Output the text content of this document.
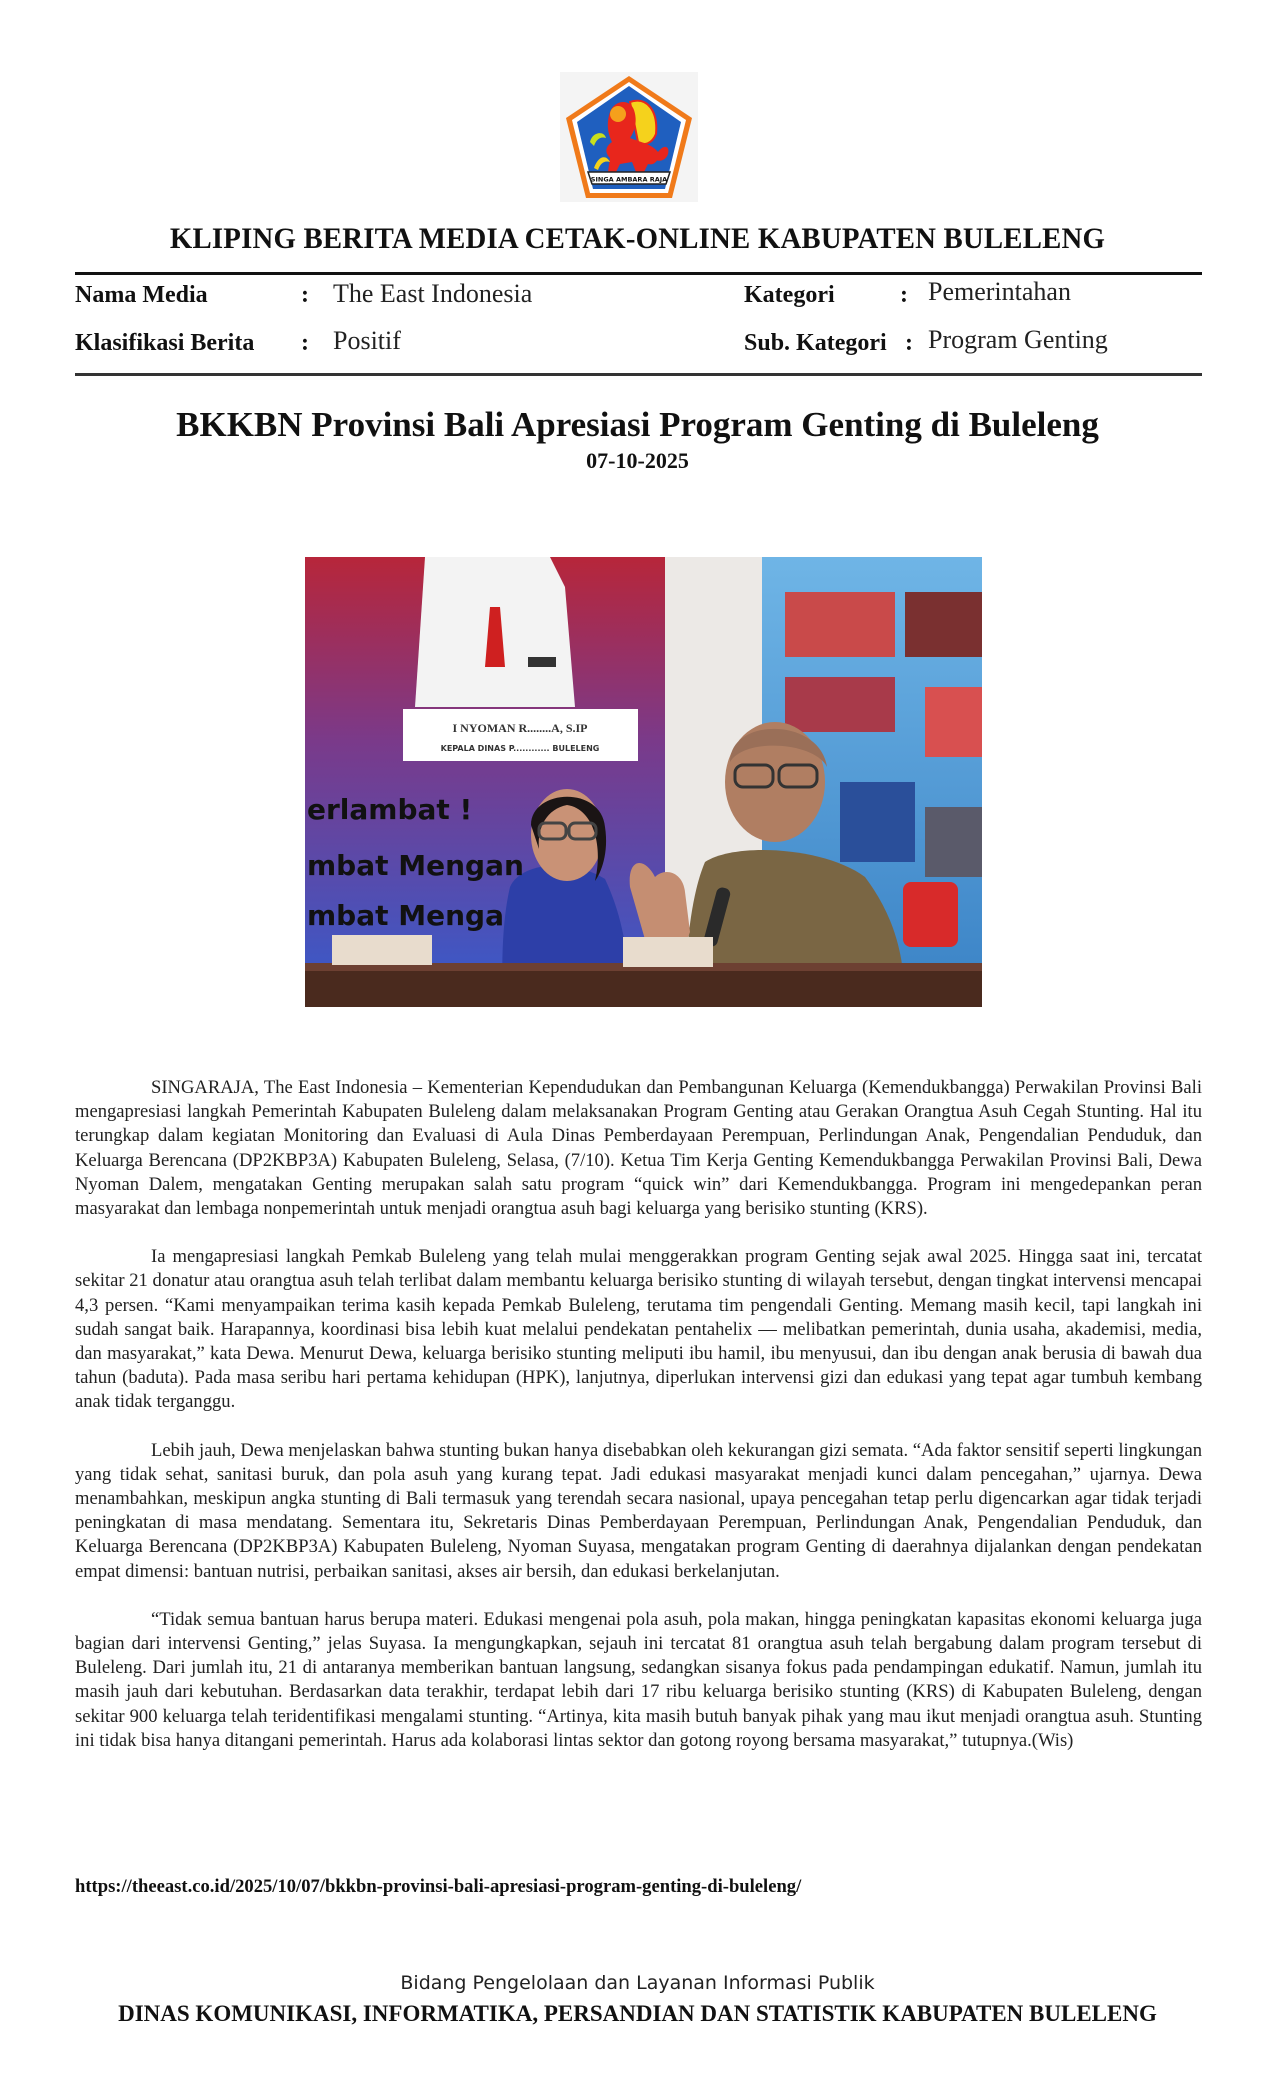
SINGA AMBARA RAJA
KLIPING BERITA MEDIA CETAK-ONLINE KABUPATEN BULELENG
Nama Media	: The East Indonesia
Klasifikasi Berita : Positif
Kategori	: Pemerintahan
Sub. Kategori : Program Genting
BKKBN Provinsi Bali Apresiasi Program Genting di Buleleng
07-10-2025
I NYOMAN R........A, S.IP
KEPALA DINAS P............ BULELENG
erlambat !
mbat Mengan
mbat Menga

SINGARAJA, The East Indonesia – Kementerian Kependudukan dan Pembangunan Keluarga (Kemendukbangga) Perwakilan Provinsi Bali mengapresiasi langkah Pemerintah Kabupaten Buleleng dalam melaksanakan Program Genting atau Gerakan Orangtua Asuh Cegah Stunting. Hal itu terungkap dalam kegiatan Monitoring dan Evaluasi di Aula Dinas Pemberdayaan Perempuan, Perlindungan Anak, Pengendalian Penduduk, dan Keluarga Berencana (DP2KBP3A) Kabupaten Buleleng, Selasa, (7/10). Ketua Tim Kerja Genting Kemendukbangga Perwakilan Provinsi Bali, Dewa Nyoman Dalem, mengatakan Genting merupakan salah satu program “quick win” dari Kemendukbangga. Program ini mengedepankan peran masyarakat dan lembaga nonpemerintah untuk menjadi orangtua asuh bagi keluarga yang berisiko stunting (KRS).

Ia mengapresiasi langkah Pemkab Buleleng yang telah mulai menggerakkan program Genting sejak awal 2025. Hingga saat ini, tercatat sekitar 21 donatur atau orangtua asuh telah terlibat dalam membantu keluarga berisiko stunting di wilayah tersebut, dengan tingkat intervensi mencapai 4,3 persen. “Kami menyampaikan terima kasih kepada Pemkab Buleleng, terutama tim pengendali Genting. Memang masih kecil, tapi langkah ini sudah sangat baik. Harapannya, koordinasi bisa lebih kuat melalui pendekatan pentahelix — melibatkan pemerintah, dunia usaha, akademisi, media, dan masyarakat,” kata Dewa. Menurut Dewa, keluarga berisiko stunting meliputi ibu hamil, ibu menyusui, dan ibu dengan anak berusia di bawah dua tahun (baduta). Pada masa seribu hari pertama kehidupan (HPK), lanjutnya, diperlukan intervensi gizi dan edukasi yang tepat agar tumbuh kembang anak tidak terganggu.

Lebih jauh, Dewa menjelaskan bahwa stunting bukan hanya disebabkan oleh kekurangan gizi semata. “Ada faktor sensitif seperti lingkungan yang tidak sehat, sanitasi buruk, dan pola asuh yang kurang tepat. Jadi edukasi masyarakat menjadi kunci dalam pencegahan,” ujarnya. Dewa menambahkan, meskipun angka stunting di Bali termasuk yang terendah secara nasional, upaya pencegahan tetap perlu digencarkan agar tidak terjadi peningkatan di masa mendatang. Sementara itu, Sekretaris Dinas Pemberdayaan Perempuan, Perlindungan Anak, Pengendalian Penduduk, dan Keluarga Berencana (DP2KBP3A) Kabupaten Buleleng, Nyoman Suyasa, mengatakan program Genting di daerahnya dijalankan dengan pendekatan empat dimensi: bantuan nutrisi, perbaikan sanitasi, akses air bersih, dan edukasi berkelanjutan.

“Tidak semua bantuan harus berupa materi. Edukasi mengenai pola asuh, pola makan, hingga peningkatan kapasitas ekonomi keluarga juga bagian dari intervensi Genting,” jelas Suyasa. Ia mengungkapkan, sejauh ini tercatat 81 orangtua asuh telah bergabung dalam program tersebut di Buleleng. Dari jumlah itu, 21 di antaranya memberikan bantuan langsung, sedangkan sisanya fokus pada pendampingan edukatif. Namun, jumlah itu masih jauh dari kebutuhan. Berdasarkan data terakhir, terdapat lebih dari 17 ribu keluarga berisiko stunting (KRS) di Kabupaten Buleleng, dengan sekitar 900 keluarga telah teridentifikasi mengalami stunting. “Artinya, kita masih butuh banyak pihak yang mau ikut menjadi orangtua asuh. Stunting ini tidak bisa hanya ditangani pemerintah. Harus ada kolaborasi lintas sektor dan gotong royong bersama masyarakat,” tutupnya.(Wis)

https://theeast.co.id/2025/10/07/bkkbn-provinsi-bali-apresiasi-program-genting-di-buleleng/
Bidang Pengelolaan dan Layanan Informasi Publik
DINAS KOMUNIKASI, INFORMATIKA, PERSANDIAN DAN STATISTIK KABUPATEN BULELENG
